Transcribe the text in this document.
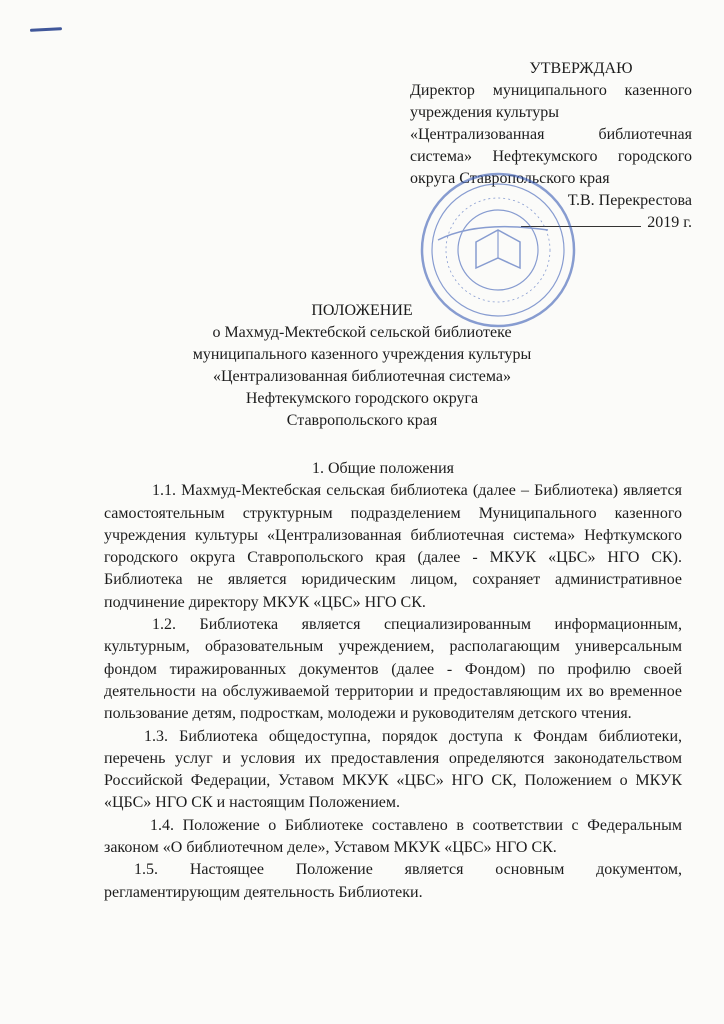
УТВЕРЖДАЮ
Директор муниципального казенного
учреждения культуры
«Централизованная библиотечная
система» Нефтекумского городского
округа Ставропольского края
Т.В. Перекрестова
2019 г.
ПОЛОЖЕНИЕ
о Махмуд-Мектебской сельской библиотеке
муниципального казенного учреждения культуры
«Централизованная библиотечная система»
Нефтекумского городского округа
Ставропольского края
1. Общие положения

1.1. Махмуд-Мектебская сельская библиотека (далее – Библиотека) является самостоятельным структурным подразделением Муниципального казенного учреждения культуры «Централизованная библиотечная система» Нефткумского городского округа Ставропольского края (далее - МКУК «ЦБС» НГО СК). Библиотека не является юридическим лицом, сохраняет административное подчинение директору МКУК «ЦБС» НГО СК.

1.2. Библиотека является специализированным информационным, культурным, образовательным учреждением, располагающим универсальным фондом тиражированных документов (далее - Фондом) по профилю своей деятельности на обслуживаемой территории и предоставляющим их во временное пользование детям, подросткам, молодежи и руководителям детского чтения.

1.3. Библиотека общедоступна, порядок доступа к Фондам библиотеки, перечень услуг и условия их предоставления определяются законодательством Российской Федерации, Уставом МКУК «ЦБС» НГО СК, Положением о МКУК «ЦБС» НГО СК и настоящим Положением.

1.4. Положение о Библиотеке составлено в соответствии с Федеральным законом «О библиотечном деле», Уставом МКУК «ЦБС» НГО СК.

1.5. Настоящее Положение является основным документом, регламентирующим деятельность Библиотеки.
